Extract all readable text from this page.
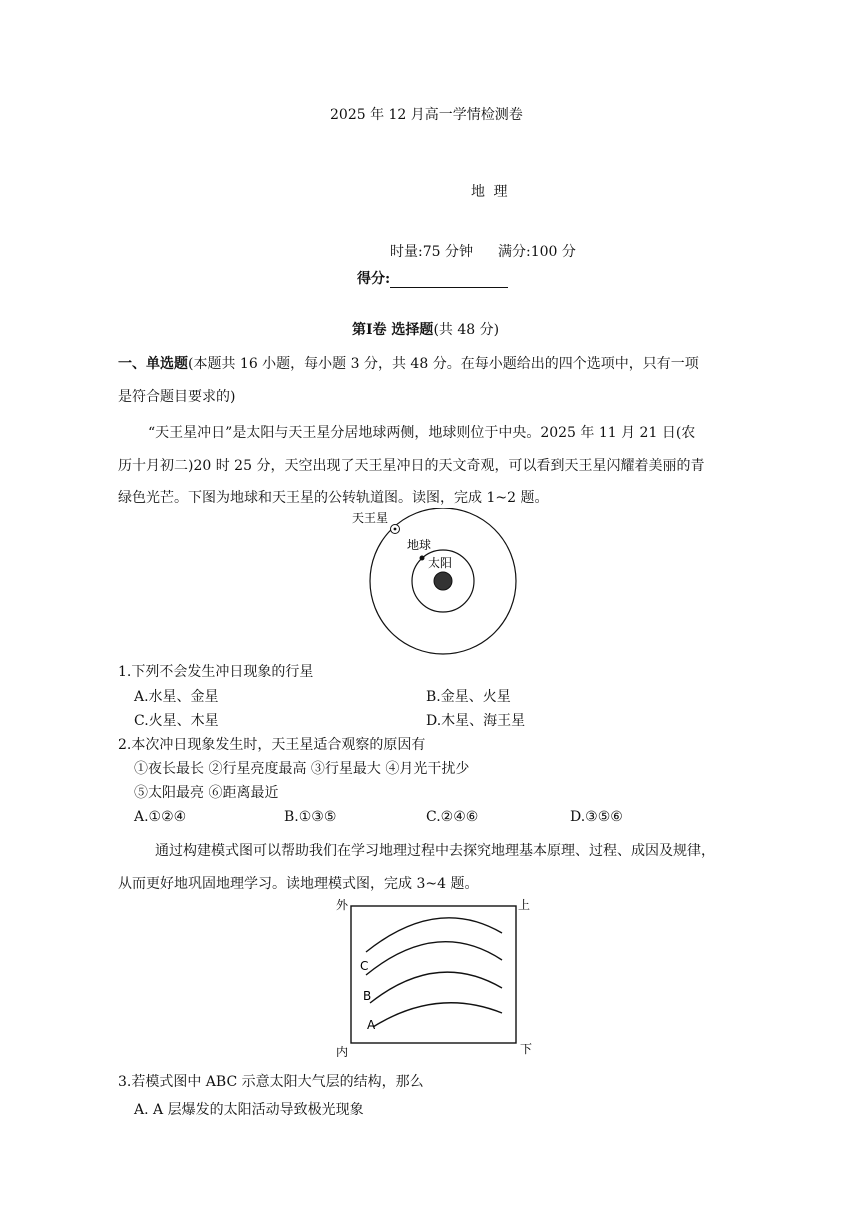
2025 年 12 月高一学情检测卷
地 理
时量:75 分钟 满分:100 分
得分:
第Ⅰ卷 选择题(共 48 分)
一、单选题(本题共 16 小题，每小题 3 分，共 48 分。在每小题给出的四个选项中，只有一项
是符合题目要求的)
“天王星冲日”是太阳与天王星分居地球两侧，地球则位于中央。2025 年 11 月 21 日(农
历十月初二)20 时 25 分，天空出现了天王星冲日的天文奇观，可以看到天王星闪耀着美丽的青
绿色光芒。下图为地球和天王星的公转轨道图。读图，完成 1~2 题。
天王星
地球
太阳
1.下列不会发生冲日现象的行星
A.水星、金星	B.金星、火星
C.火星、木星	D.木星、海王星
2.本次冲日现象发生时，天王星适合观察的原因有
①夜长最长 ②行星亮度最高 ③行星最大 ④月光干扰少
⑤太阳最亮 ⑥距离最近
A.①②④	B.①③⑤	C.②④⑥	D.③⑤⑥
通过构建模式图可以帮助我们在学习地理过程中去探究地理基本原理、过程、成因及规律，
从而更好地巩固地理学习。读地理模式图，完成 3~4 题。
外	上
内	下
C
B
A
3.若模式图中 ABC 示意太阳大气层的结构，那么
A. A 层爆发的太阳活动导致极光现象
